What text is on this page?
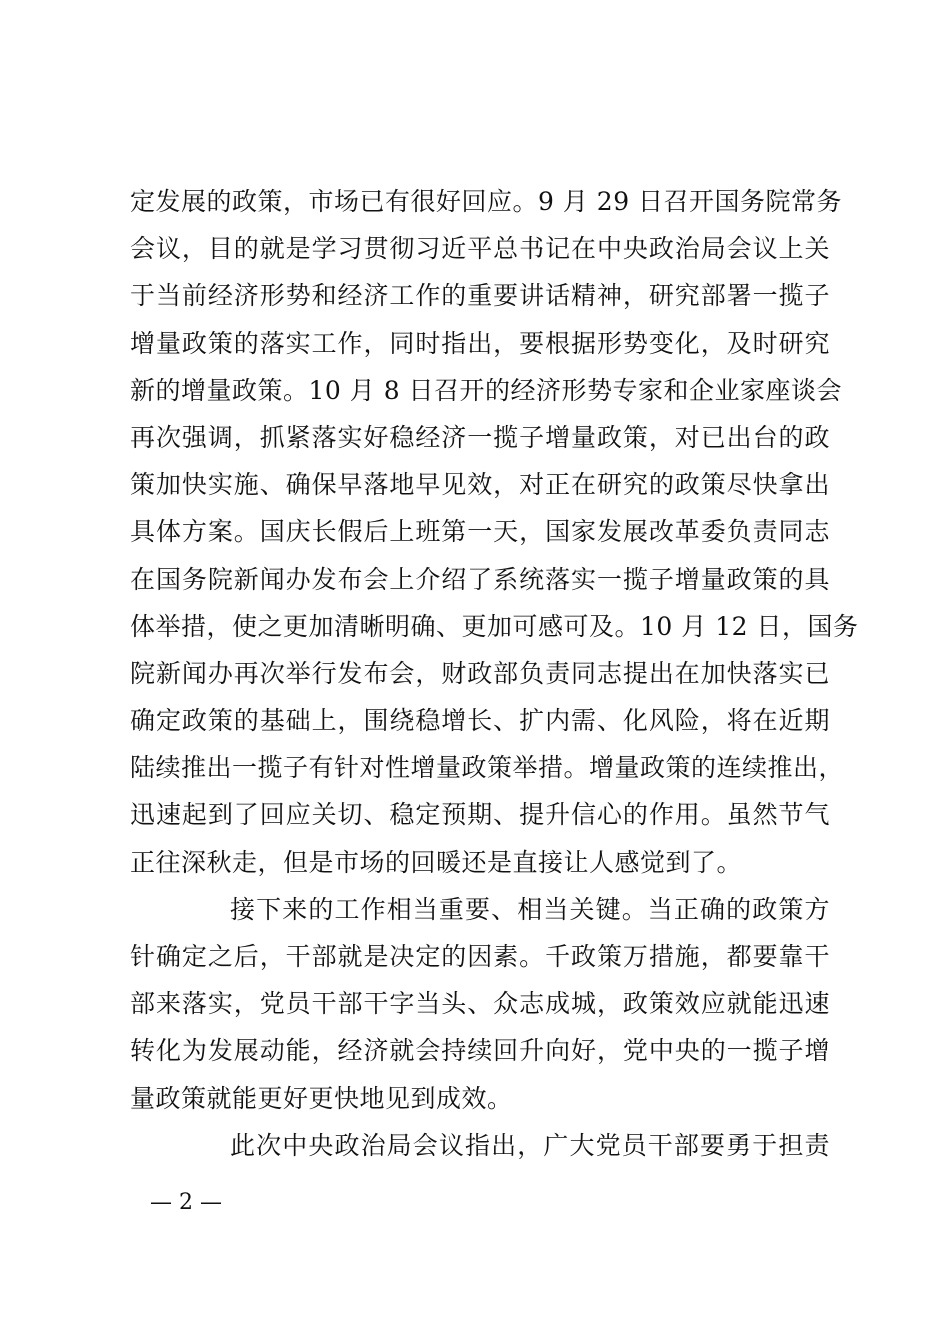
定发展的政策，市场已有很好回应。9 月 29 日召开国务院常务
会议，目的就是学习贯彻习近平总书记在中央政治局会议上关
于当前经济形势和经济工作的重要讲话精神，研究部署一揽子
增量政策的落实工作，同时指出，要根据形势变化，及时研究
新的增量政策。10 月 8 日召开的经济形势专家和企业家座谈会
再次强调，抓紧落实好稳经济一揽子增量政策，对已出台的政
策加快实施、确保早落地早见效，对正在研究的政策尽快拿出
具体方案。国庆长假后上班第一天，国家发展改革委负责同志
在国务院新闻办发布会上介绍了系统落实一揽子增量政策的具
体举措，使之更加清晰明确、更加可感可及。10 月 12 日，国务
院新闻办再次举行发布会，财政部负责同志提出在加快落实已
确定政策的基础上，围绕稳增长、扩内需、化风险，将在近期
陆续推出一揽子有针对性增量政策举措。增量政策的连续推出，
迅速起到了回应关切、稳定预期、提升信心的作用。虽然节气
正往深秋走，但是市场的回暖还是直接让人感觉到了。
接下来的工作相当重要、相当关键。当正确的政策方
针确定之后，干部就是决定的因素。千政策万措施，都要靠干
部来落实，党员干部干字当头、众志成城，政策效应就能迅速
转化为发展动能，经济就会持续回升向好，党中央的一揽子增
量政策就能更好更快地见到成效。
此次中央政治局会议指出，广大党员干部要勇于担责
— 2 —
